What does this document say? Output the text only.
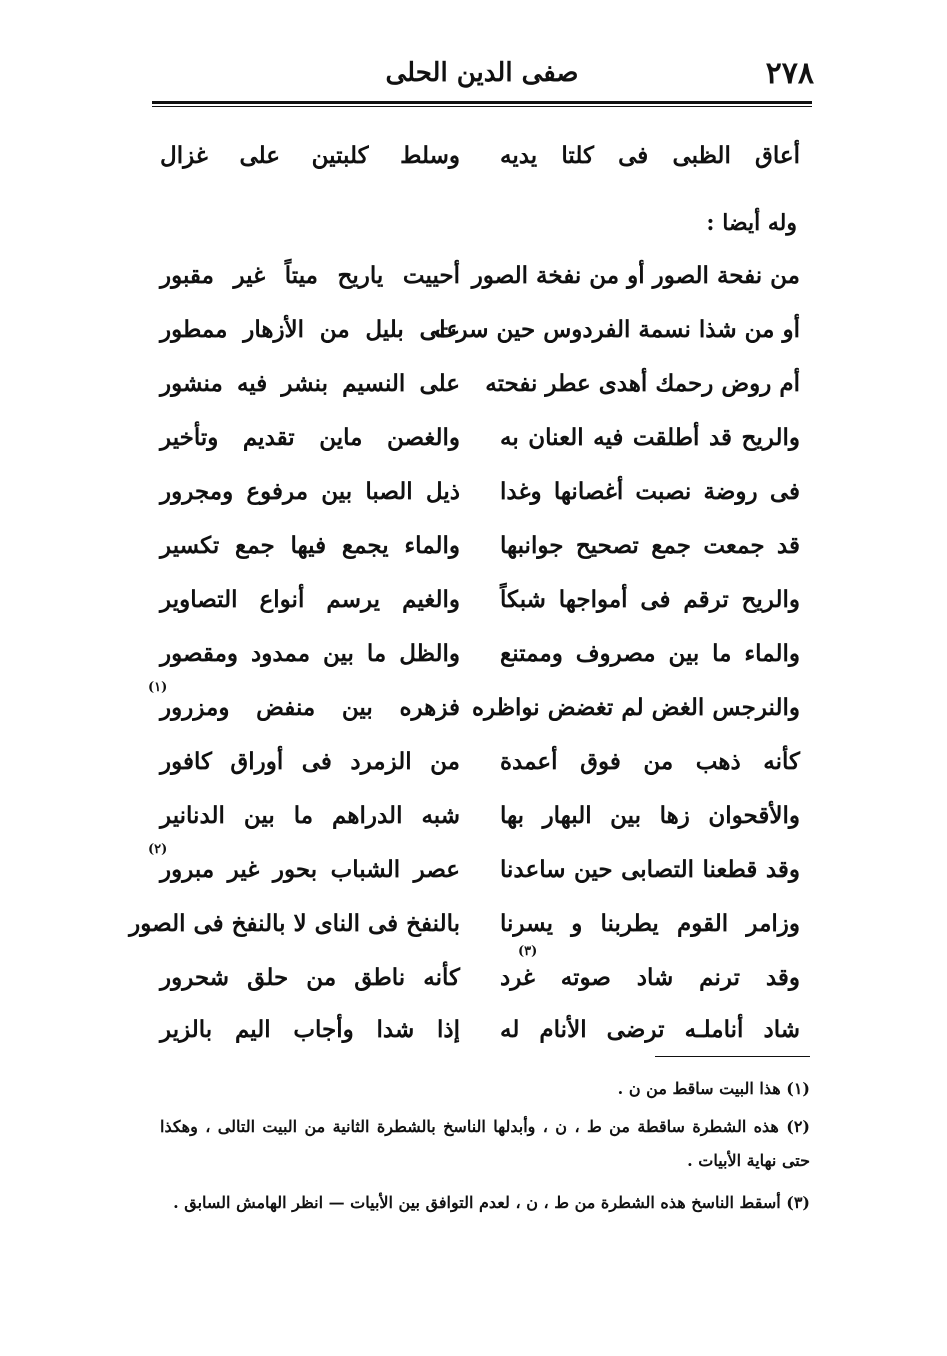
٢٧٨
صفى الدين الحلى
أعاق الظبى فى كلتا يديه
وسلط كلبتين على غزال
وله أيضا :
من نفحة الصور أو من نفخة الصور
أحييت ياريح ميتاً غير مقبور
أو من شذا نسمة الفردوس حين سرت
على بليل من الأزهار ممطور
أم روض رحمك أهدى عطر نفحته
على النسيم بنشر فيه منشور
والريح قد أطلقت فيه العنان به
والغصن ماين تقديم وتأخير
فى روضة نصبت أغصانها وغدا
ذيل الصبا بين مرفوع ومجرور
قد جمعت جمع تصحيح جوانبها
والماء يجمع فيها جمع تكسير
والريح ترقم فى أمواجها شبكاً
والغيم يرسم أنواع التصاوير
والماء ما بين مصروف وممتنع
والظل ما بين ممدود ومقصور
(١)
والنرجس الغض لم تغضض نواظره
فزهره بين منفض ومزرور
كأنه ذهب من فوق أعمدة
من الزمرد فى أوراق كافور
والأقحوان زها بين البهار بها
شبه الدراهم ما بين الدنانير
(٢)
وقد قطعنا التصابى حين ساعدنا
عصر الشباب بحور غير مبرور
وزامر القوم يطربنا و يسرنا
بالنفخ فى الناى لا بالنفخ فى الصور
(٣)
وقد ترنم شاد صوته غرد
كأنه ناطق من حلق شحرور
شاد أناملـه ترضى الأنام له
إذا شدا وأجاب اليم بالزير
(١) هذا البيت ساقط من ن .
(٢) هذه الشطرة ساقطة من ط ، ن ، وأبدلها الناسخ بالشطرة الثانية من البيت التالى ، وهكذا حتى نهاية الأبيات .
(٣) أسقط الناسخ هذه الشطرة من ط ، ن ، لعدم التوافق بين الأبيات — انظر الهامش السابق .
